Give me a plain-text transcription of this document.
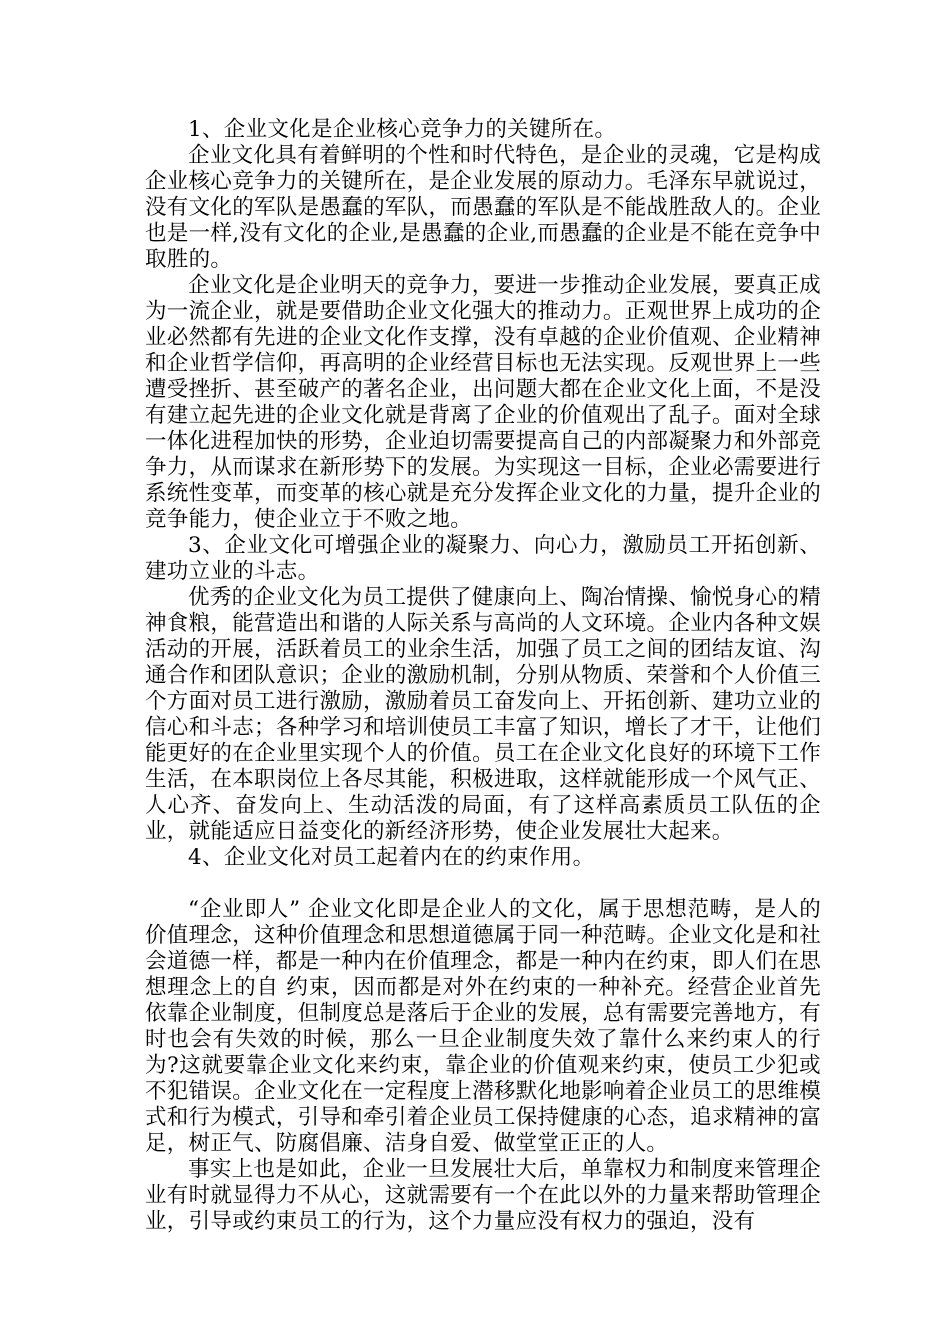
1、企业文化是企业核心竞争力的关键所在。

企业文化具有着鲜明的个性和时代特色，是企业的灵魂，它是构成企业核心竞争力的关键所在，是企业发展的原动力。毛泽东早就说过，没有文化的军队是愚蠢的军队，而愚蠢的军队是不能战胜敌人的。企业也是一样,没有文化的企业,是愚蠢的企业,而愚蠢的企业是不能在竞争中取胜的。

企业文化是企业明天的竞争力，要进一步推动企业发展，要真正成为一流企业，就是要借助企业文化强大的推动力。正观世界上成功的企业必然都有先进的企业文化作支撑，没有卓越的企业价值观、企业精神和企业哲学信仰，再高明的企业经营目标也无法实现。反观世界上一些遭受挫折、甚至破产的著名企业，出问题大都在企业文化上面，不是没有建立起先进的企业文化就是背离了企业的价值观出了乱子。面对全球一体化进程加快的形势，企业迫切需要提高自己的内部凝聚力和外部竞争力，从而谋求在新形势下的发展。为实现这一目标，企业必需要进行系统性变革，而变革的核心就是充分发挥企业文化的力量，提升企业的竞争能力，使企业立于不败之地。

3、企业文化可增强企业的凝聚力、向心力，激励员工开拓创新、建功立业的斗志。

优秀的企业文化为员工提供了健康向上、陶冶情操、愉悦身心的精神食粮，能营造出和谐的人际关系与高尚的人文环境。企业内各种文娱活动的开展，活跃着员工的业余生活，加强了员工之间的团结友谊、沟通合作和团队意识；企业的激励机制，分别从物质、荣誉和个人价值三个方面对员工进行激励，激励着员工奋发向上、开拓创新、建功立业的信心和斗志；各种学习和培训使员工丰富了知识，增长了才干，让他们能更好的在企业里实现个人的价值。员工在企业文化良好的环境下工作生活，在本职岗位上各尽其能，积极进取，这样就能形成一个风气正、人心齐、奋发向上、生动活泼的局面，有了这样高素质员工队伍的企业，就能适应日益变化的新经济形势，使企业发展壮大起来。

4、企业文化对员工起着内在的约束作用。

“企业即人” 企业文化即是企业人的文化，属于思想范畴，是人的价值理念，这种价值理念和思想道德属于同一种范畴。企业文化是和社会道德一样，都是一种内在价值理念，都是一种内在约束，即人们在思想理念上的自 约束，因而都是对外在约束的一种补充。经营企业首先依靠企业制度，但制度总是落后于企业的发展，总有需要完善地方，有时也会有失效的时候，那么一旦企业制度失效了靠什么来约束人的行为?这就要靠企业文化来约束，靠企业的价值观来约束，使员工少犯或不犯错误。企业文化在一定程度上潜移默化地影响着企业员工的思维模式和行为模式，引导和牵引着企业员工保持健康的心态，追求精神的富足，树正气、防腐倡廉、洁身自爱、做堂堂正正的人。

事实上也是如此，企业一旦发展壮大后，单靠权力和制度来管理企业有时就显得力不从心，这就需要有一个在此以外的力量来帮助管理企业，引导或约束员工的行为，这个力量应没有权力的强迫，没有
